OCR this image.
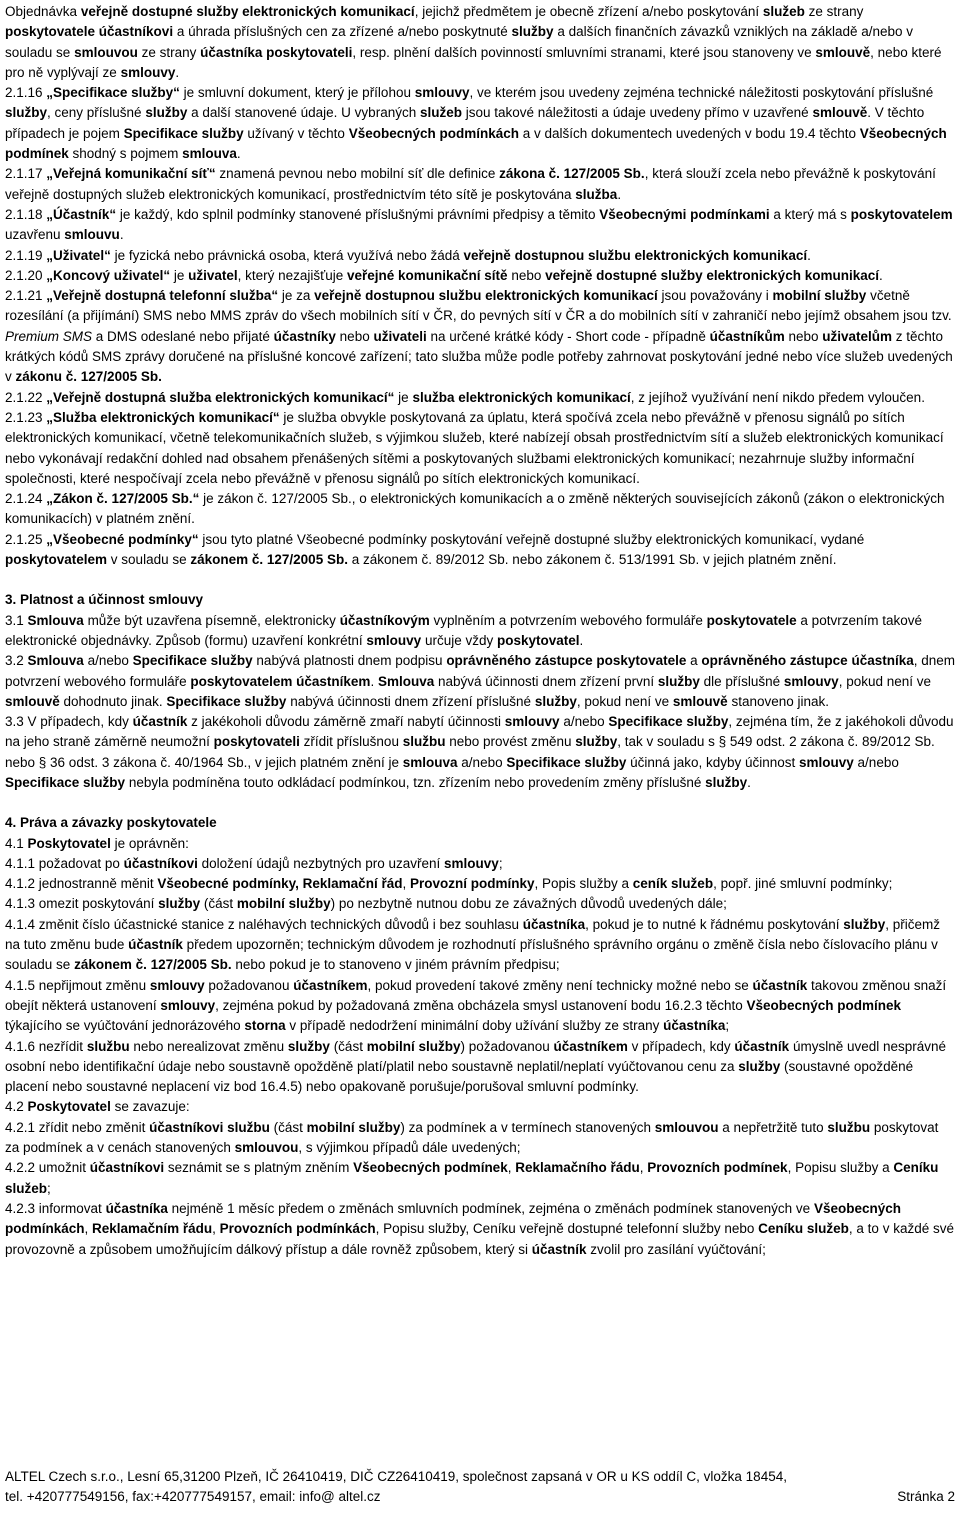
Objednávka veřejně dostupné služby elektronických komunikací, jejichž předmětem je obecně zřízení a/nebo poskytování služeb ze strany poskytovatele účastníkovi a úhrada příslušných cen za zřízené a/nebo poskytnuté služby a dalších finančních závazků vzniklých na základě a/nebo v souladu se smlouvou ze strany účastníka poskytovateli, resp. plnění dalších povinností smluvními stranami, které jsou stanoveny ve smlouvě, nebo které pro ně vyplývají ze smlouvy.

2.1.16 „Specifikace služby“ je smluvní dokument, který je přílohou smlouvy, ve kterém jsou uvedeny zejména technické náležitosti poskytování příslušné služby, ceny příslušné služby a další stanovené údaje. U vybraných služeb jsou takové náležitosti a údaje uvedeny přímo v uzavřené smlouvě. V těchto případech je pojem Specifikace služby užívaný v těchto Všeobecných podmínkách a v dalších dokumentech uvedených v bodu 19.4 těchto Všeobecných podmínek shodný s pojmem smlouva.

2.1.17 „Veřejná komunikační síť“ znamená pevnou nebo mobilní síť dle definice zákona č. 127/2005 Sb., která slouží zcela nebo převážně k poskytování veřejně dostupných služeb elektronických komunikací, prostřednictvím této sítě je poskytována služba.

2.1.18 „Účastník“ je každý, kdo splnil podmínky stanovené příslušnými právními předpisy a těmito Všeobecnými podmínkami a který má s poskytovatelem uzavřenu smlouvu.

2.1.19 „Uživatel“ je fyzická nebo právnická osoba, která využívá nebo žádá veřejně dostupnou službu elektronických komunikací.

2.1.20 „Koncový uživatel“ je uživatel, který nezajišťuje veřejné komunikační sítě nebo veřejně dostupné služby elektronických komunikací.

2.1.21 „Veřejně dostupná telefonní služba“ je za veřejně dostupnou službu elektronických komunikací jsou považovány i mobilní služby včetně rozesílání (a přijímání) SMS nebo MMS zpráv do všech mobilních sítí v ČR, do pevných sítí v ČR a do mobilních sítí v zahraničí nebo jejímž obsahem jsou tzv. Premium SMS a DMS odeslané nebo přijaté účastníky nebo uživateli na určené krátké kódy - Short code - případně účastníkům nebo uživatelům z těchto krátkých kódů SMS zprávy doručené na příslušné koncové zařízení; tato služba může podle potřeby zahrnovat poskytování jedné nebo více služeb uvedených v zákonu č. 127/2005 Sb.

2.1.22 „Veřejně dostupná služba elektronických komunikací“ je služba elektronických komunikací, z jejíhož využívání není nikdo předem vyloučen.

2.1.23 „Služba elektronických komunikací“ je služba obvykle poskytovaná za úplatu, která spočívá zcela nebo převážně v přenosu signálů po sítích elektronických komunikací, včetně telekomunikačních služeb, s výjimkou služeb, které nabízejí obsah prostřednictvím sítí a služeb elektronických komunikací nebo vykonávají redakční dohled nad obsahem přenášených sítěmi a poskytovaných službami elektronických komunikací; nezahrnuje služby informační společnosti, které nespočívají zcela nebo převážně v přenosu signálů po sítích elektronických komunikací.

2.1.24 „Zákon č. 127/2005 Sb.“ je zákon č. 127/2005 Sb., o elektronických komunikacích a o změně některých souvisejících zákonů (zákon o elektronických komunikacích) v platném znění.

2.1.25 „Všeobecné podmínky“ jsou tyto platné Všeobecné podmínky poskytování veřejně dostupné služby elektronických komunikací, vydané poskytovatelem v souladu se zákonem č. 127/2005 Sb. a zákonem č. 89/2012 Sb. nebo zákonem č. 513/1991 Sb. v jejich platném znění.

3. Platnost a účinnost smlouvy

3.1 Smlouva může být uzavřena písemně, elektronicky účastníkovým vyplněním a potvrzením webového formuláře poskytovatele a potvrzením takové elektronické objednávky. Způsob (formu) uzavření konkrétní smlouvy určuje vždy poskytovatel.

3.2 Smlouva a/nebo Specifikace služby nabývá platnosti dnem podpisu oprávněného zástupce poskytovatele a oprávněného zástupce účastníka, dnem potvrzení webového formuláře poskytovatelem účastníkem. Smlouva nabývá účinnosti dnem zřízení první služby dle příslušné smlouvy, pokud není ve smlouvě dohodnuto jinak. Specifikace služby nabývá účinnosti dnem zřízení příslušné služby, pokud není ve smlouvě stanoveno jinak.

3.3 V případech, kdy účastník z jakékoholi důvodu záměrně zmaří nabytí účinnosti smlouvy a/nebo Specifikace služby, zejména tím, že z jakéhokoli důvodu na jeho straně záměrně neumožní poskytovateli zřídit příslušnou službu nebo provést změnu služby, tak v souladu s § 549 odst. 2 zákona č. 89/2012 Sb. nebo § 36 odst. 3 zákona č. 40/1964 Sb., v jejich platném znění je smlouva a/nebo Specifikace služby účinná jako, kdyby účinnost smlouvy a/nebo Specifikace služby nebyla podmíněna touto odkládací podmínkou, tzn. zřízením nebo provedením změny příslušné služby.

4. Práva a závazky poskytovatele

4.1 Poskytovatel je oprávněn:

4.1.1 požadovat po účastníkovi doložení údajů nezbytných pro uzavření smlouvy;

4.1.2 jednostranně měnit Všeobecné podmínky, Reklamační řád, Provozní podmínky, Popis služby a ceník služeb, popř. jiné smluvní podmínky;

4.1.3 omezit poskytování služby (část mobilní služby) po nezbytně nutnou dobu ze závažných důvodů uvedených dále;

4.1.4 změnit číslo účastnické stanice z naléhavých technických důvodů i bez souhlasu účastníka, pokud je to nutné k řádnému poskytování služby, přičemž na tuto změnu bude účastník předem upozorněn; technickým důvodem je rozhodnutí příslušného správního orgánu o změně čísla nebo číslovacího plánu v souladu se zákonem č. 127/2005 Sb. nebo pokud je to stanoveno v jiném právním předpisu;

4.1.5 nepřijmout změnu smlouvy požadovanou účastníkem, pokud provedení takové změny není technicky možné nebo se účastník takovou změnou snaží obejít některá ustanovení smlouvy, zejména pokud by požadovaná změna obcházela smysl ustanovení bodu 16.2.3 těchto Všeobecných podmínek týkajícího se vyúčtování jednorázového storna v případě nedodržení minimální doby užívání služby ze strany účastníka;

4.1.6 nezřídit službu nebo nerealizovat změnu služby (část mobilní služby) požadovanou účastníkem v případech, kdy účastník úmyslně uvedl nesprávné osobní nebo identifikační údaje nebo soustavně opožděně platí/platil nebo soustavně neplatil/neplatí vyúčtovanou cenu za služby (soustavné opožděné placení nebo soustavné neplacení viz bod 16.4.5) nebo opakovaně porušuje/porušoval smluvní podmínky.

4.2 Poskytovatel se zavazuje:

4.2.1 zřídit nebo změnit účastníkovi službu (část mobilní služby) za podmínek a v termínech stanovených smlouvou a nepřetržitě tuto službu poskytovat za podmínek a v cenách stanovených smlouvou, s výjimkou případů dále uvedených;

4.2.2 umožnit účastníkovi seznámit se s platným zněním Všeobecných podmínek, Reklamačního řádu, Provozních podmínek, Popisu služby a Ceníku služeb;

4.2.3 informovat účastníka nejméně 1 měsíc předem o změnách smluvních podmínek, zejména o změnách podmínek stanovených ve Všeobecných podmínkách, Reklamačním řádu, Provozních podmínkách, Popisu služby, Ceníku veřejně dostupné telefonní služby nebo Ceníku služeb, a to v každé své provozovně a způsobem umožňujícím dálkový přístup a dále rovněž způsobem, který si účastník zvolil pro zasílání vyúčtování;

ALTEL Czech s.r.o., Lesní 65,31200 Plzeň, IČ 26410419, DIČ CZ26410419, společnost zapsaná v OR u KS oddíl C, vložka 18454,
tel. +420777549156, fax:+420777549157, email: info@ altel.cz	Stránka 2
